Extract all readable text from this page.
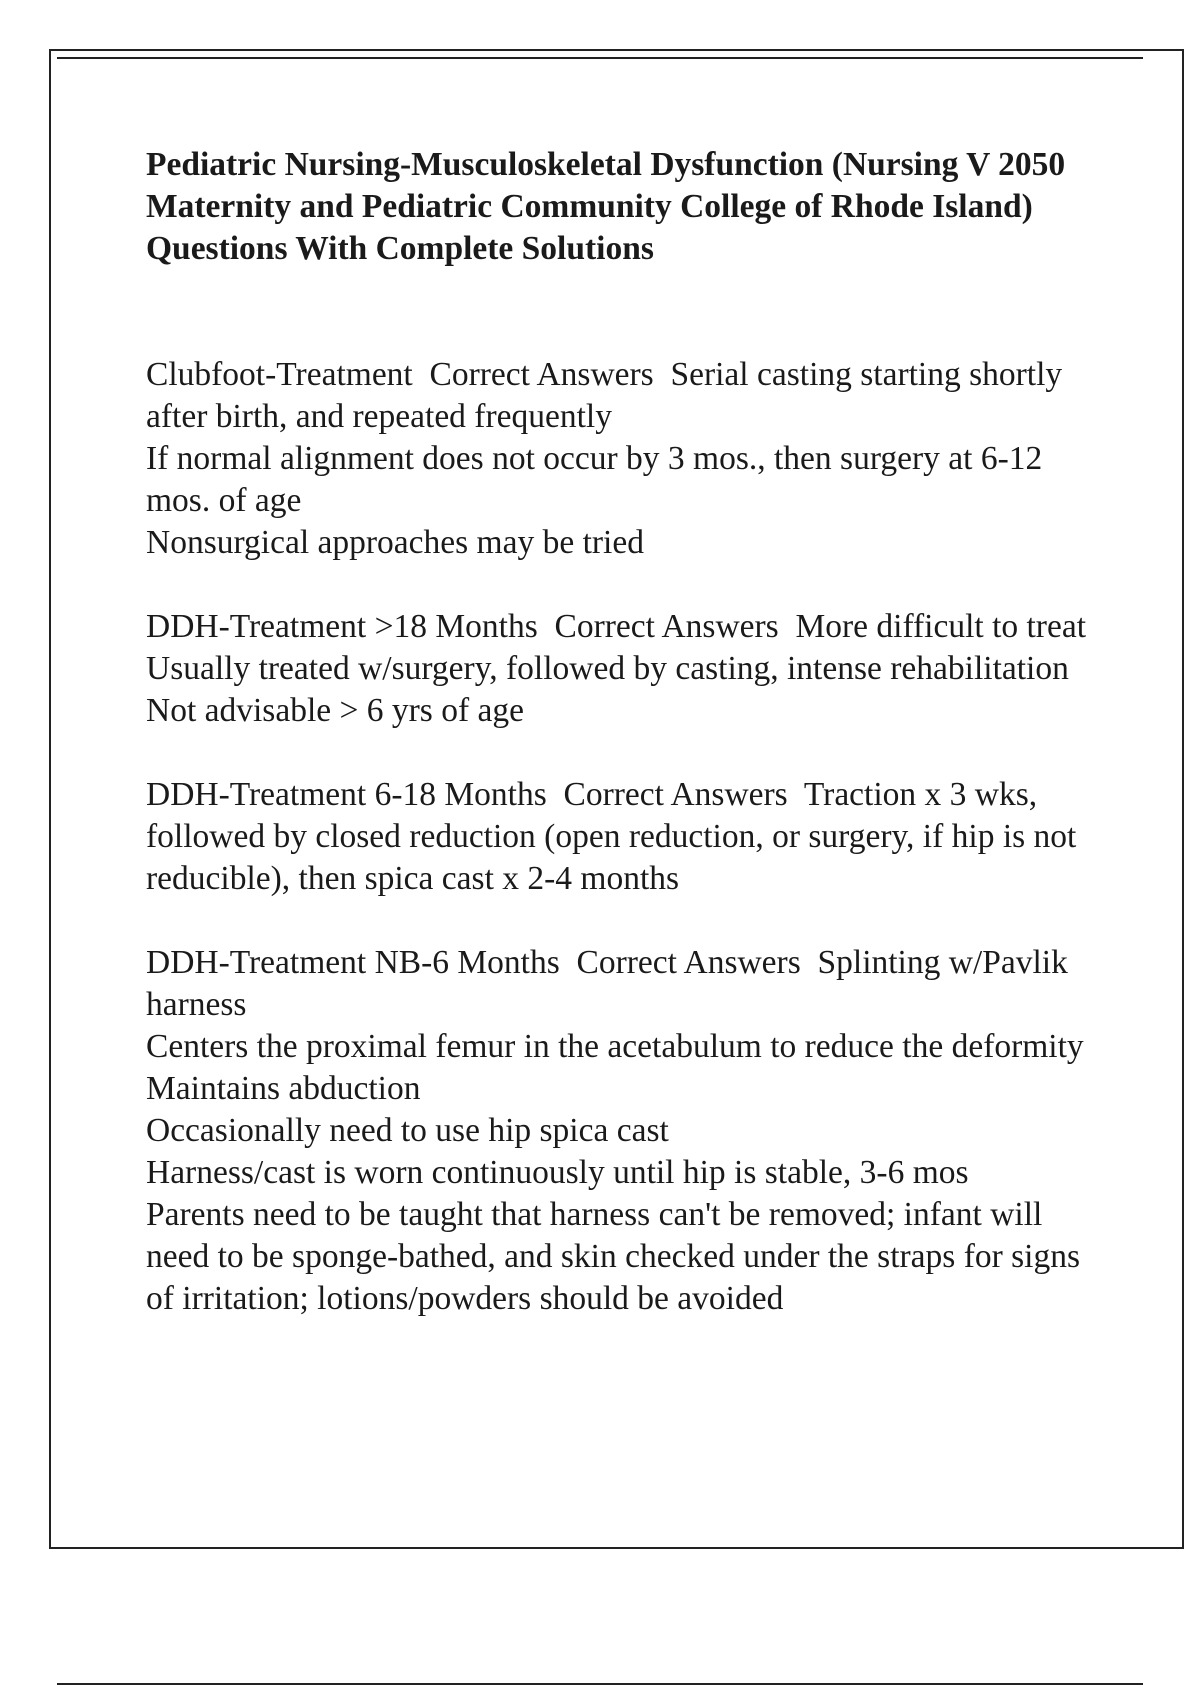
Pediatric Nursing-Musculoskeletal Dysfunction (Nursing V 2050 Maternity and Pediatric Community College of Rhode Island) Questions With Complete Solutions

Clubfoot-Treatment Correct Answers Serial casting starting shortly after birth, and repeated frequently

If normal alignment does not occur by 3 mos., then surgery at 6-12 mos. of age

Nonsurgical approaches may be tried

DDH-Treatment >18 Months Correct Answers More difficult to treat

Usually treated w/surgery, followed by casting, intense rehabilitation

Not advisable > 6 yrs of age

DDH-Treatment 6-18 Months Correct Answers Traction x 3 wks, followed by closed reduction (open reduction, or surgery, if hip is not reducible), then spica cast x 2-4 months

DDH-Treatment NB-6 Months Correct Answers Splinting w/Pavlik harness

Centers the proximal femur in the acetabulum to reduce the deformity

Maintains abduction

Occasionally need to use hip spica cast

Harness/cast is worn continuously until hip is stable, 3-6 mos

Parents need to be taught that harness can't be removed; infant will need to be sponge-bathed, and skin checked under the straps for signs of irritation; lotions/powders should be avoided
